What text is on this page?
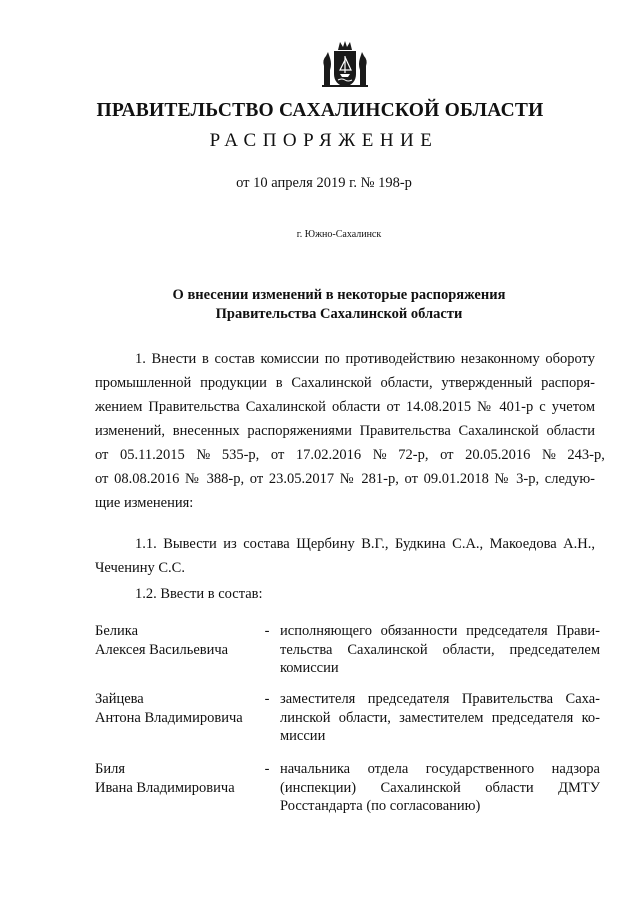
ПРАВИТЕЛЬСТВО САХАЛИНСКОЙ ОБЛАСТИ
РАСПОРЯЖЕНИЕ
от 10 апреля 2019 г. № 198-р
г. Южно-Сахалинск
О внесении изменений в некоторые распоряжения
Правительства Сахалинской области
1. Внести в состав комиссии по противодействию незаконному обороту
промышленной продукции в Сахалинской области, утвержденный распоря-
жением Правительства Сахалинской области от 14.08.2015 № 401-р с учетом
изменений, внесенных распоряжениями Правительства Сахалинской области
от 05.11.2015 № 535-р, от 17.02.2016 № 72-р, от 20.05.2016 № 243-р,
от 08.08.2016 № 388-р, от 23.05.2017 № 281-р, от 09.01.2018 № 3-р, следую-
щие изменения:
1.1. Вывести из состава Щербину В.Г., Будкина С.А., Макоедова А.Н.,
Чеченину С.С.
1.2. Ввести в состав:
Белика
Алексея Васильевича
- исполняющего обязанности председателя Прави-
тельства Сахалинской области, председателем
комиссии
Зайцева
Антона Владимировича
- заместителя председателя Правительства Саха-
линской области, заместителем председателя ко-
миссии
Биля
Ивана Владимировича
- начальника отдела государственного надзора
(инспекции) Сахалинской области ДМТУ
Росстандарта (по согласованию)
